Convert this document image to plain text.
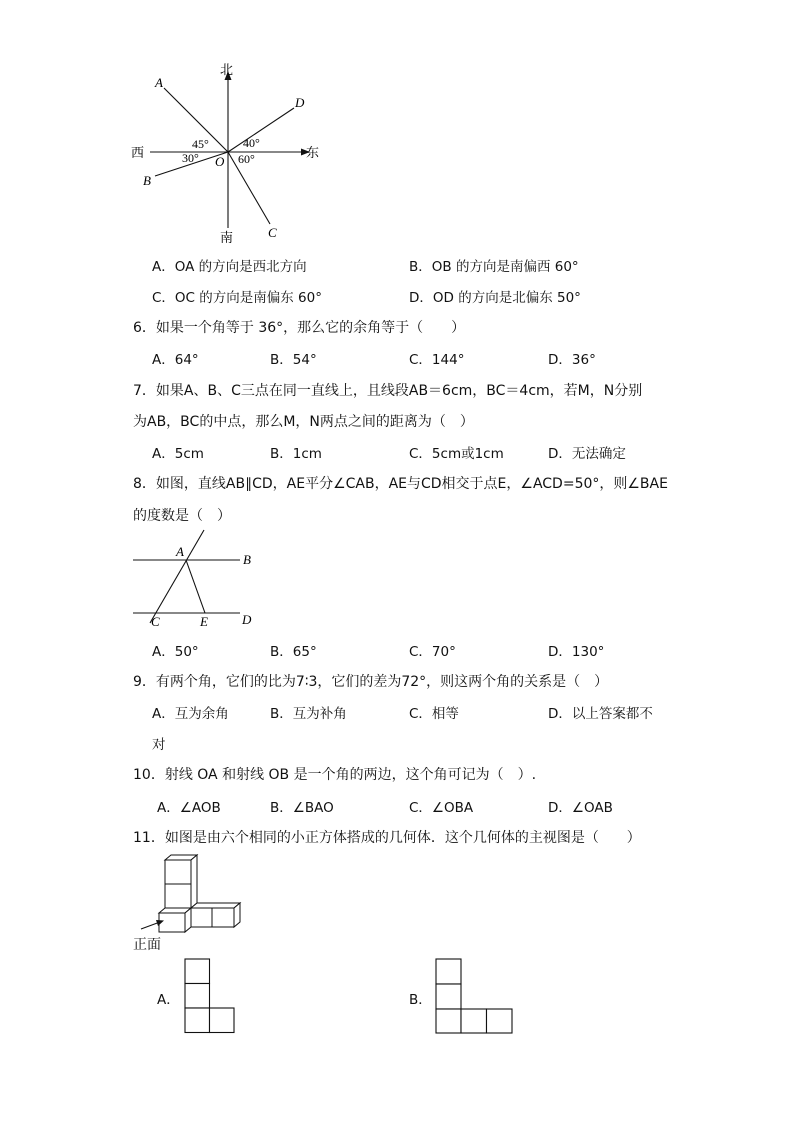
北
南
西	东
A
B
C
D
O
45°
30°
40°
60°
A．OA 的方向是西北方向	B．OB 的方向是南偏西 60°
C．OC 的方向是南偏东 60°	D．OD 的方向是北偏东 50°
6．如果一个角等于 36°，那么它的余角等于（　　）
A．64°	B．54°	C．144°	D．36°
7．如果A、B、C三点在同一直线上，且线段AB＝6cm，BC＝4cm，若M，N分别
为AB，BC的中点，那么M，N两点之间的距离为（　）
A．5cm	B．1cm	C．5cm或1cm	D．无法确定
8．如图，直线AB∥CD，AE平分∠CAB，AE与CD相交于点E，∠ACD=50°，则∠BAE
的度数是（　）
A
B
C	D
E
A．50°	B．65°	C．70°	D．130°
9．有两个角，它们的比为7∶3，它们的差为72°，则这两个角的关系是（　）
A．互为余角	B．互为补角	C．相等	D．以上答案都不
对
10．射线 OA 和射线 OB 是一个角的两边，这个角可记为（　）.
A．∠AOB	B．∠BAO	C．∠OBA	D．∠OAB
11．如图是由六个相同的小正方体搭成的几何体．这个几何体的主视图是（　　）
正面
A．	B．
